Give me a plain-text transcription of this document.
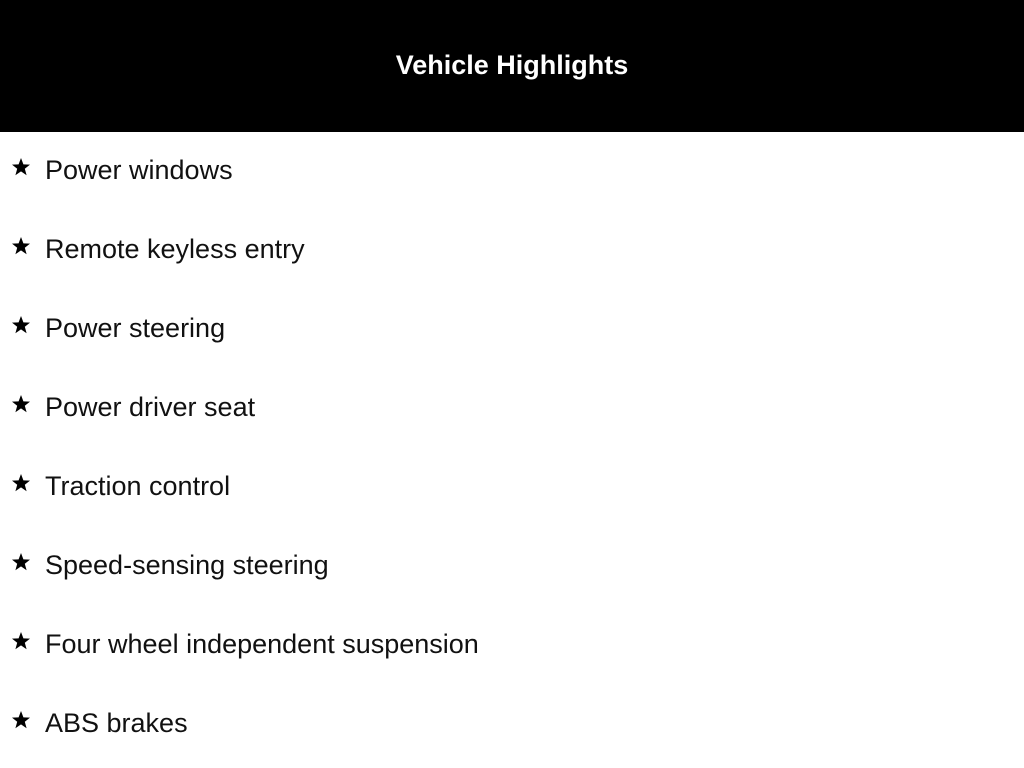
Vehicle Highlights
Power windows
Remote keyless entry
Power steering
Power driver seat
Traction control
Speed-sensing steering
Four wheel independent suspension
ABS brakes
